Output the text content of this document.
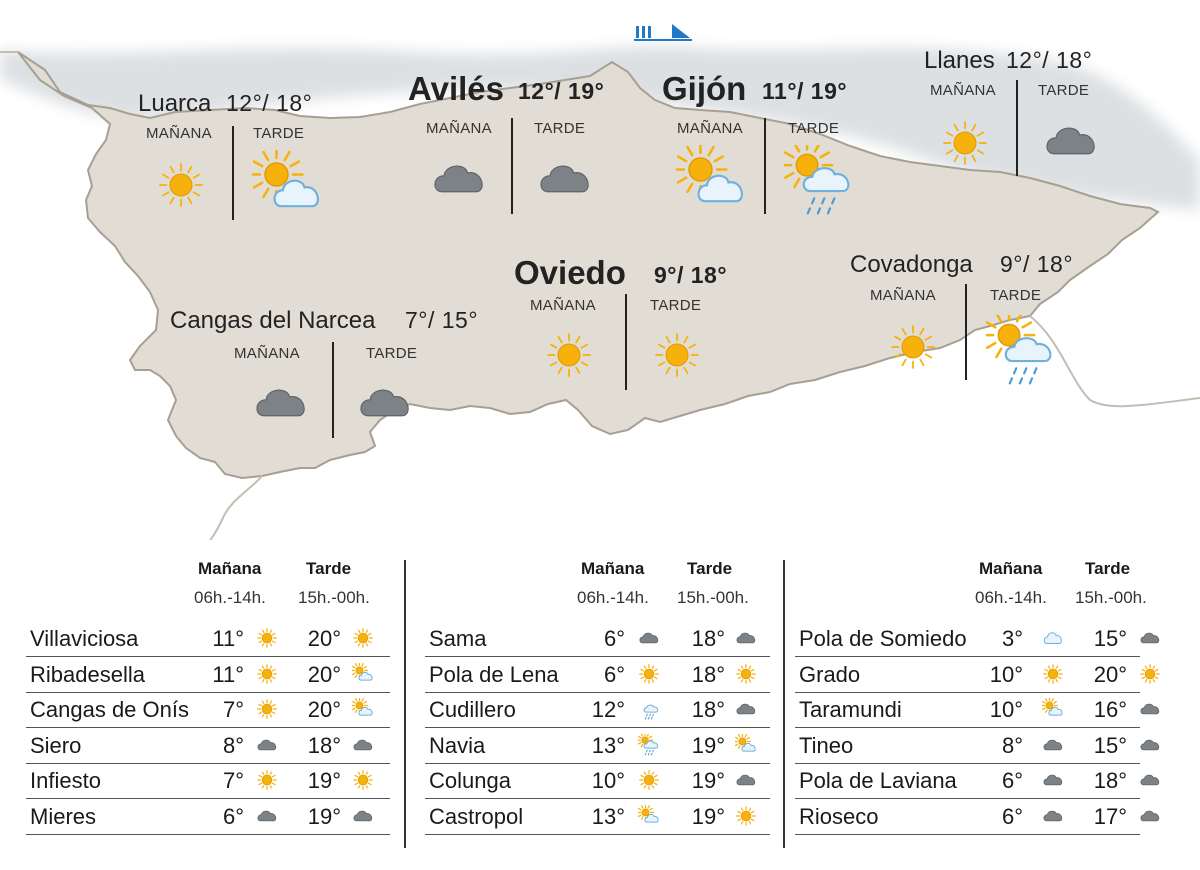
Luarca 12°/ 18°
MAÑANA	TARDE
Avilés 12°/ 19°
MAÑANA	TARDE
Gijón 11°/ 19°
MAÑANA	TARDE
Llanes 12°/ 18°
MAÑANA	TARDE
Oviedo 9°/ 18°
MAÑANA	TARDE
Covadonga 9°/ 18°
MAÑANA	TARDE
Cangas del Narcea 7°/ 15°
MAÑANA	TARDE
Mañana	Tarde
06h.-14h. 15h.-00h.
Villaviciosa	11°	20°
Ribadesella	11°	20°
Cangas de Onís	7°	20°
Siero	8°	18°
Infiesto	7°	19°
Mieres	6°	19°
Mañana	Tarde
06h.-14h. 15h.-00h.
Sama	6°	18°
Pola de Lena	6°	18°
Cudillero	12°	18°
Navia	13°	19°
Colunga	10°	19°
Castropol	13°	19°
Mañana	Tarde
06h.-14h. 15h.-00h.
Pola de Somiedo	3°	15°
Grado	10°	20°
Taramundi	10°	16°
Tineo	8°	15°
Pola de Laviana	6°	18°
Rioseco	6°	17°
